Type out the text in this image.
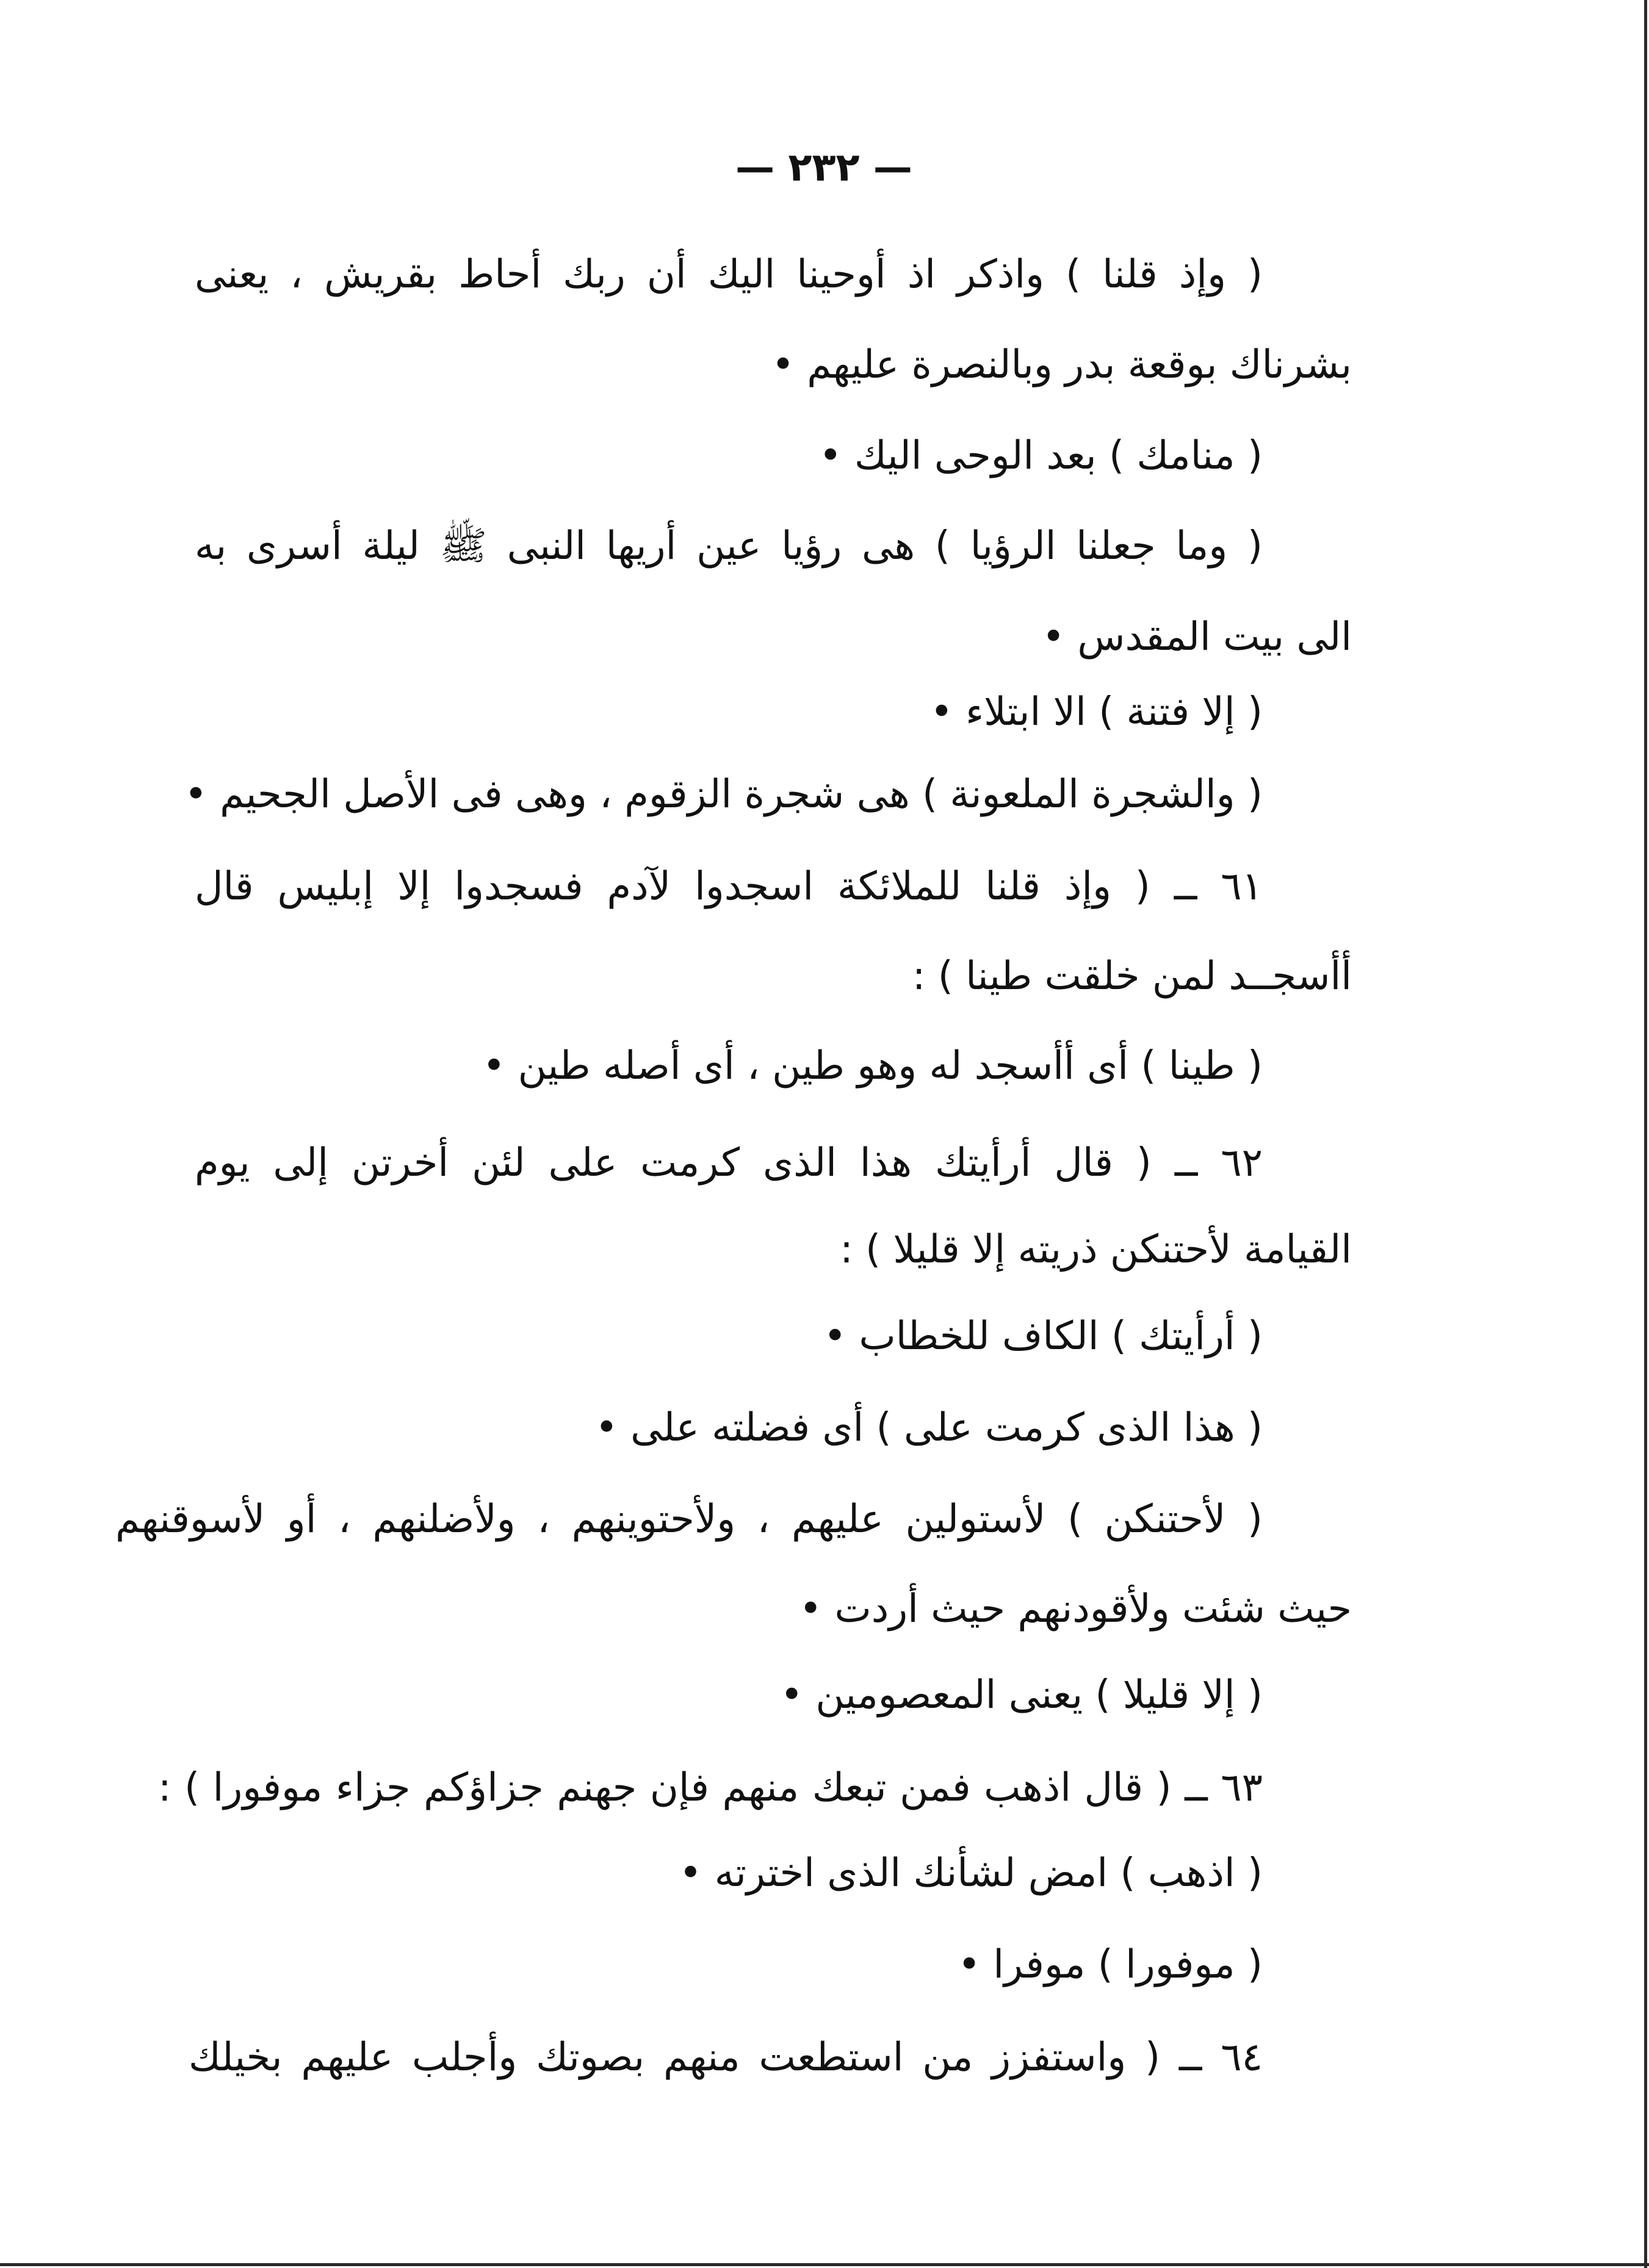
— ٢٣٢ —
( وإذ قلنا ) واذكر اذ أوحينا اليك أن ربك أحاط بقريش ، يعنى
بشرناك بوقعة بدر وبالنصرة عليهم •
( منامك ) بعد الوحى اليك •
( وما جعلنا الرؤيا ) هى رؤيا عين أريها النبى ﷺ ليلة أسرى به
الى بيت المقدس •
( إلا فتنة ) الا ابتلاء •
( والشجرة الملعونة ) هى شجرة الزقوم ، وهى فى الأصل الجحيم •
٦١ ــ ( وإذ قلنا للملائكة اسجدوا لآدم فسجدوا إلا إبليس قال
أأسجــد لمن خلقت طينا ) :
( طينا ) أى أأسجد له وهو طين ، أى أصله طين •
٦٢ ــ ( قال أرأيتك هذا الذى كرمت على لئن أخرتن إلى يوم
القيامة لأحتنكن ذريته إلا قليلا ) :
( أرأيتك ) الكاف للخطاب •
( هذا الذى كرمت على ) أى فضلته على •
( لأحتنكن ) لأستولين عليهم ، ولأحتوينهم ، ولأضلنهم ، أو لأسوقنهم
حيث شئت ولأقودنهم حيث أردت •
( إلا قليلا ) يعنى المعصومين •
٦٣ ــ ( قال اذهب فمن تبعك منهم فإن جهنم جزاؤكم جزاء موفورا ) :
( اذهب ) امض لشأنك الذى اخترته •
( موفورا ) موفرا •
٦٤ ــ ( واستفزز من استطعت منهم بصوتك وأجلب عليهم بخيلك
